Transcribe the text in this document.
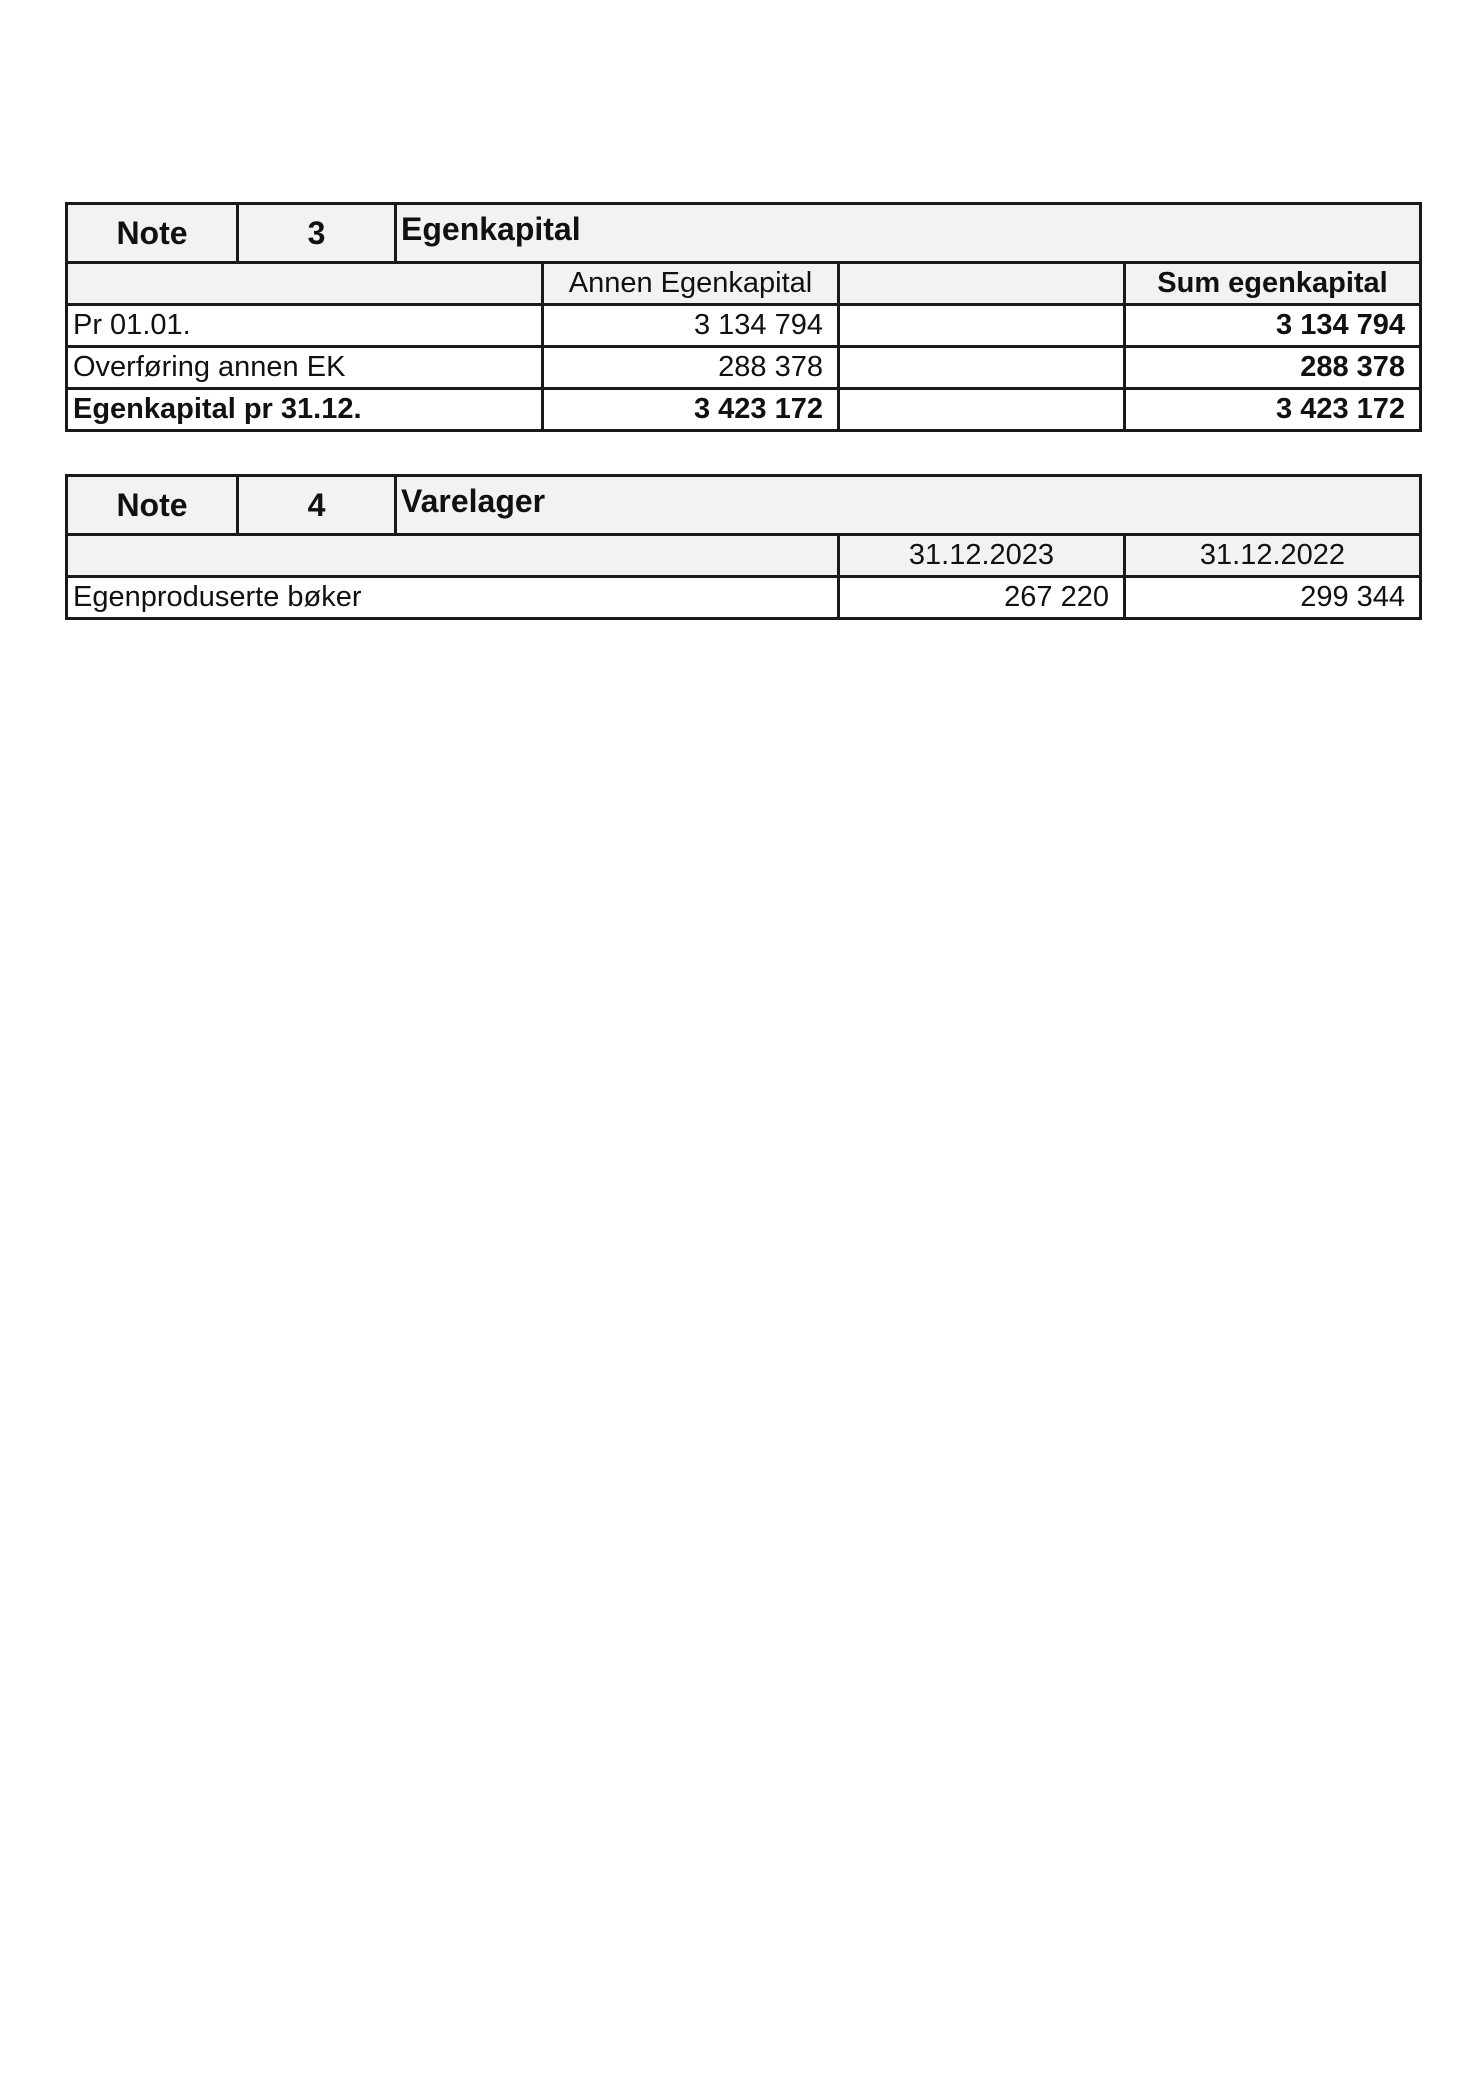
Note	3	Egenkapital			
			Annen Egenkapital		Sum egenkapital
Pr 01.01.			3 134 794		3 134 794
Overføring annen EK			288 378		288 378
Egenkapital pr 31.12.			3 423 172		3 423 172
Note	4	Varelager		
			31.12.2023	31.12.2022
Egenproduserte bøker			267 220	299 344
